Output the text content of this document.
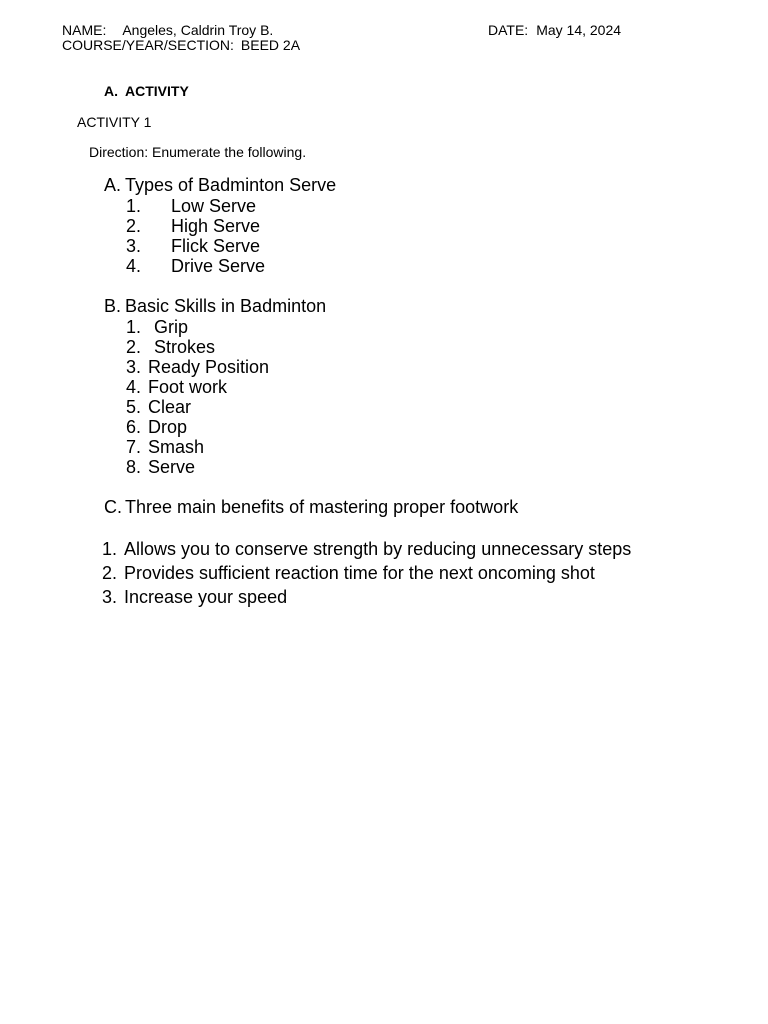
NAME: Angeles, Caldrin Troy B.	DATE: May 14, 2024
COURSE/YEAR/SECTION: BEED 2A
A. ACTIVITY
ACTIVITY 1
Direction: Enumerate the following.
A. Types of Badminton Serve
1. Low Serve
2. High Serve
3. Flick Serve
4. Drive Serve
B. Basic Skills in Badminton
1. Grip
2. Strokes
3. Ready Position
4. Foot work
5. Clear
6. Drop
7. Smash
8. Serve
C. Three main benefits of mastering proper footwork
1. Allows you to conserve strength by reducing unnecessary steps
2. Provides sufficient reaction time for the next oncoming shot
3. Increase your speed
